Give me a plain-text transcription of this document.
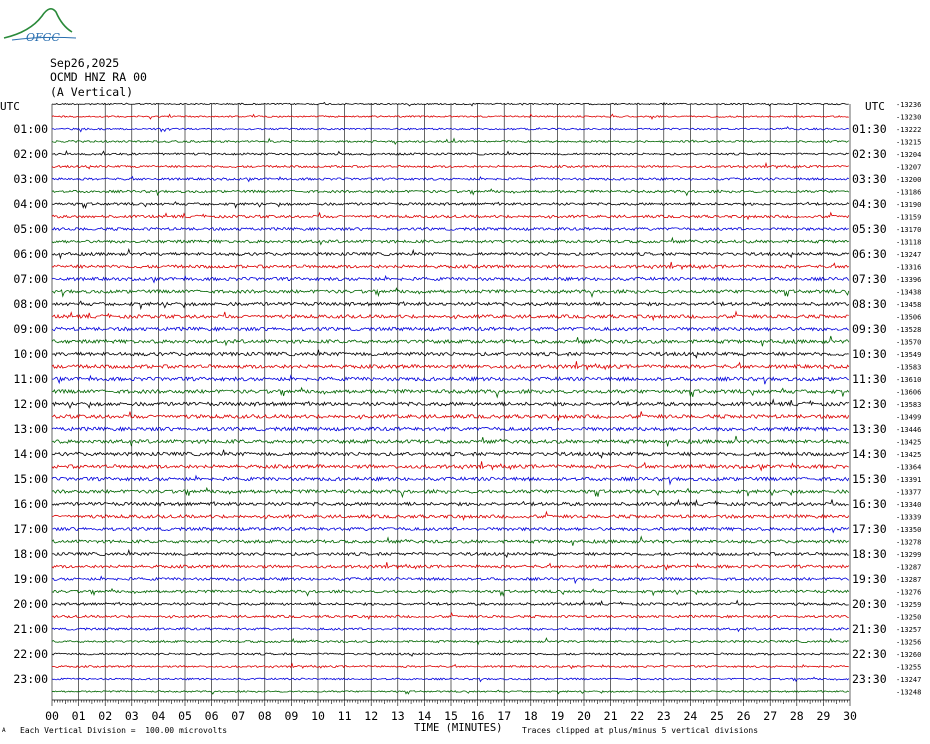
OFGC
Sep26,2025
OCMD HNZ RA 00
(A Vertical)
-13236
-13230
-13222
-13215
-13204
-13207
-13200
-13186
-13190
-13159
-13170
-13118
-13247
-13316
-13396
-13438
-13458
-13506
-13528
-13570
-13549
-13583
-13610
-13606
-13583
-13499
-13446
-13425
-13425
-13364
-13391
-13377
-13340
-13339
-13350
-13278
-13299
-13287
-13287
-13276
-13259
-13250
-13257
-13256
-13260
-13255
-13247
-13248
UTC	UTC
01:00
02:00
03:00
04:00
05:00
06:00
07:00
08:00
09:00
10:00
11:00
12:00
13:00
14:00
15:00
16:00
17:00
18:00
19:00
20:00
21:00
22:00
23:00
01:30
02:30
03:30
04:30
05:30
06:30
07:30
08:30
09:30
10:30
11:30
12:30
13:30
14:30
15:30
16:30
17:30
18:30
19:30
20:30
21:30
22:30
23:30
00 01 02 03 04 05 06 07 08 09 10 11 12 13 14 15 16 17 18 19 20 21 22 23 24 25 26 27 28 29 30
TIME (MINUTES)
A Each Vertical Division =  100.00 microvolts	Traces clipped at plus/minus 5 vertical divisions
